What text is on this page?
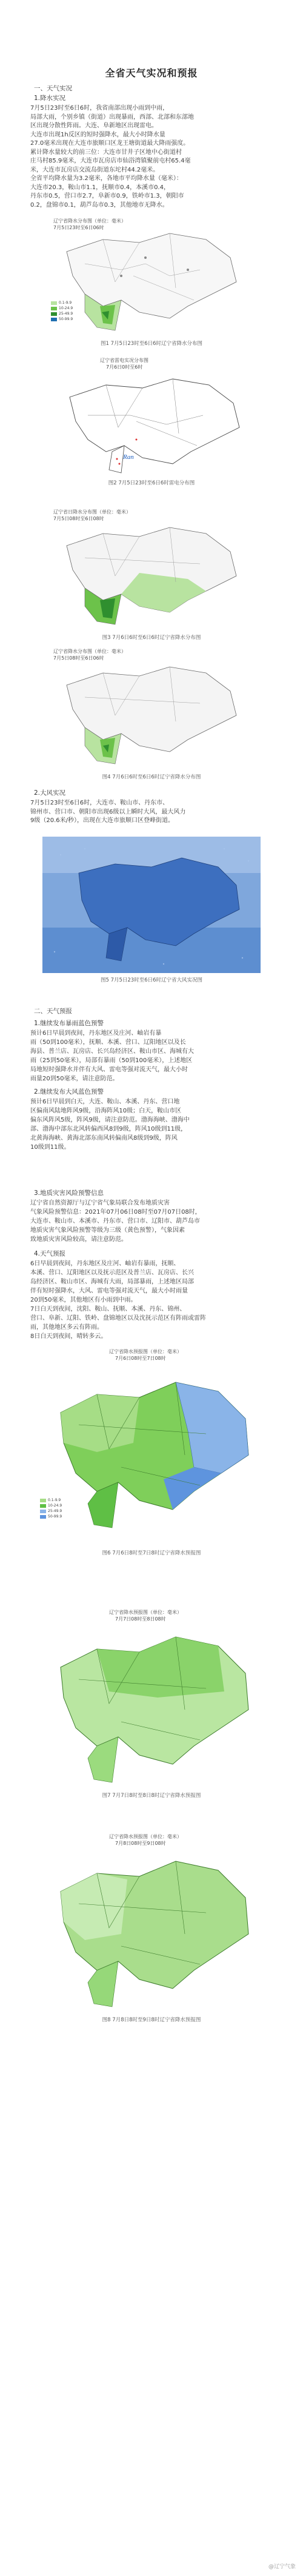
全省天气实况和预报
一、天气实况
1.降水实况
7月5日23时至6日6时，我省南部出现小雨到中雨，
局部大雨，个别乡镇（街道）出现暴雨，西部、北部和东部地
区出现分散性阵雨。大连、阜新地区出现雷电。
大连市出现1h反区的短时强降水，最大小时降水量
27.0毫米出现在大连市旅顺口区龙王塘街道最大降雨强度。
累计降水量较大的前三位：大连市甘井子区地中心街道村
庄马村85.9毫米，大连市瓦房店市仙浴湾镇聚前屯村65.4毫
米，大连市瓦房店交流岛街道东坨村44.2毫米。
全省平均降水量为3.2毫米，各地市平均降水量（毫米）：
大连市20.3，鞍山市1.1，抚顺市0.4，本溪市0.4，
丹东市0.5，营口市2.7，阜新市0.9，铁岭市1.3，朝阳市
0.2，盘锦市0.1，葫芦岛市0.3，其他地市无降水。
辽宁省降水分布图（单位：毫米）
7月5日23时至6日06时
0.1-9.9
10-24.9
25-49.9
50-99.9
图1 7月5日23时至6日6时辽宁省降水分布图
辽宁省雷电实况分布图
7月6日0时至6时
Ran
图2 7月5日23时至6日6时雷电分布图
辽宁省日降水分布图（单位：毫米）
7月5日08时至6日08时
图3 7月6日6时至6日6时辽宁省降水分布图
辽宁省降水分布图（单位：毫米）
7月5日08时至6日06时
图4 7月6日6时至6日6时辽宁省降水分布图
2.大风实况
7月5日23时至6日6时，大连市、鞍山市、丹东市、
锦州市、营口市、朝阳市出现6级以上瞬时大风，最大风力
9级（20.6米/秒），出现在大连市旅顺口区登峰街道。
图5 7月5日23时至6日6时辽宁省大风实况图
二、天气预报
1.继续发布暴雨蓝色预警
预计6日早晨到夜间，丹东地区及庄河、岫岩有暴
雨（50到100毫米），抚顺、本溪、营口、辽阳地区以及长
海县、普兰店、瓦房店、长兴岛经济区、鞍山市区、海城有大
雨（25到50毫米），局部有暴雨（50到100毫米），上述地区
局地短时强降水并伴有大风、雷电等强对流天气，最大小时
雨量20到50毫米，请注意防范。
2.继续发布大风蓝色预警
预计6日早晨到白天，大连、鞍山、本溪、丹东、营口地
区偏南风陆地阵风9级，沿海阵风10级；白天，鞍山市区
偏东风阵风5级，阵风9级，请注意防范。渤海海峡、渤海中
部、渤海中部东北风转偏西风8到9级，阵风10级到11级，
北黄海海峡、黄海北部东南风转偏南风8级到9级，阵风
10级到11级。
3.地质灾害风险预警信息
辽宁省自然资源厅与辽宁省气象局联合发布地质灾害
气象风险预警信息：2021年07月06日08时至07月07日08时，
大连市、鞍山市、本溪市、丹东市、营口市、辽阳市、葫芦岛市
地质灾害气象风险预警等级为三级（黄色预警），气象因素
致地质灾害风险较高，请注意防范。
4.天气预报
6日早晨到夜间，丹东地区及庄河、岫岩有暴雨，抚顺、
本溪、营口、辽阳地区以及抚示范区及普兰店、瓦房店、长兴
岛经济区、鞍山市区、海城有大雨，局部暴雨，上述地区局部
伴有短时强降水，大风、雷电等强对流天气，最大小时雨量
20到50毫米，其他地区有小雨到中雨。
7日白天到夜间，沈阳、鞍山、抚顺、本溪、丹东、锦州、
营口、阜新、辽阳、铁岭、盘锦地区以及沈抚示范区有阵雨或雷阵
雨，其他地区多云有阵雨。
8日白天到夜间，晴转多云。
辽宁省降水预报图（单位：毫米）
7月6日08时至7日08时
0.1-9.9
10-24.9
25-49.9
50-99.9
图6 7月6日8时至7日8时辽宁省降水预报图
辽宁省降水预报图（单位：毫米）
7月7日08时至8日08时
图7 7月7日8时至8日8时辽宁省降水预报图
辽宁省降水预报图（单位：毫米）
7月8日08时至9日08时
图8 7月8日8时至9日8时辽宁省降水预报图
@辽宁气象
